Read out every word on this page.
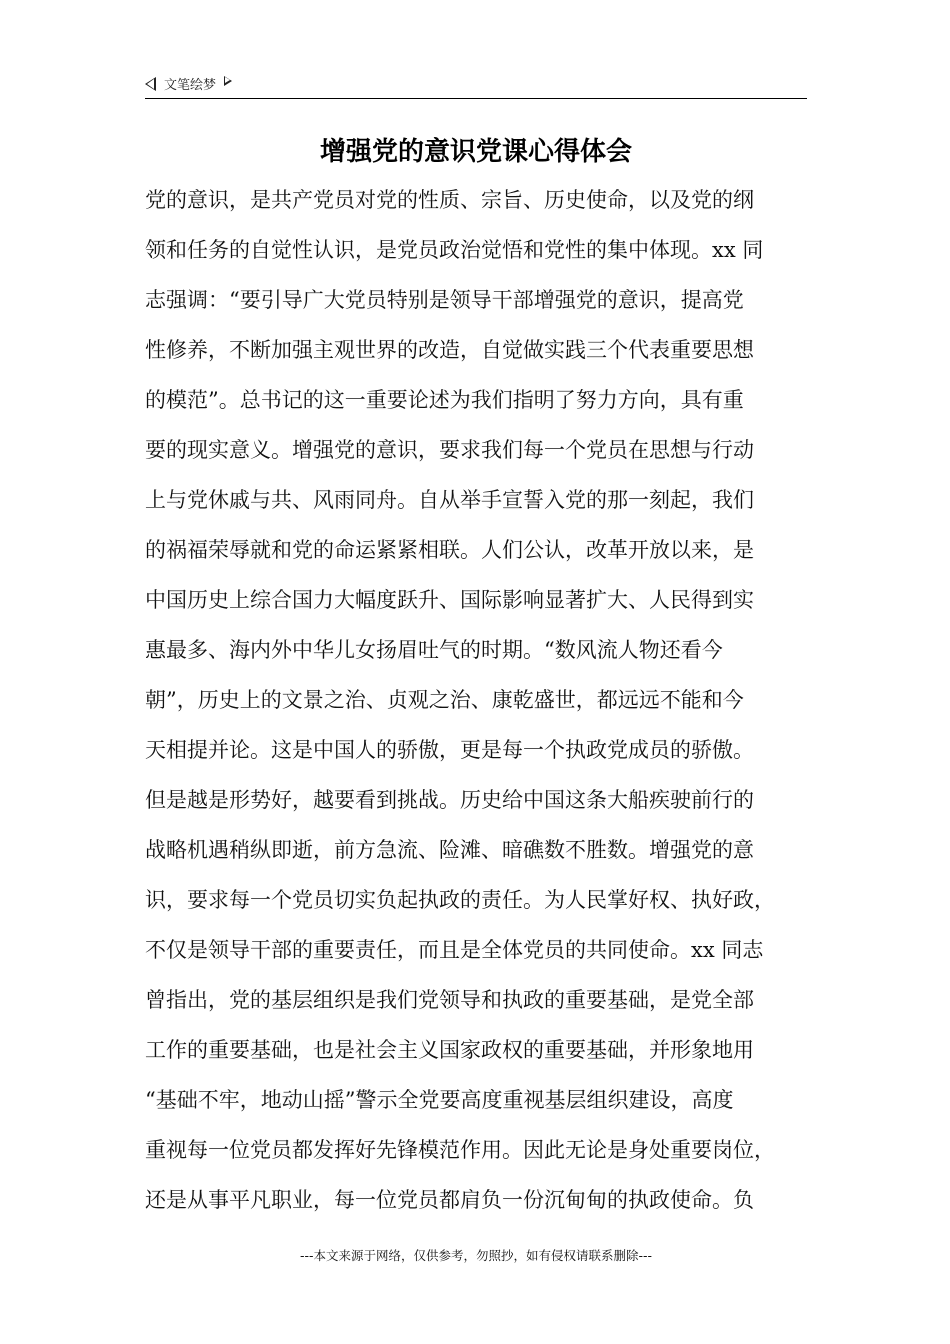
文笔绘梦
增强党的意识党课心得体会
党的意识，是共产党员对党的性质、宗旨、历史使命，以及党的纲
领和任务的自觉性认识，是党员政治觉悟和党性的集中体现。xx 同
志强调：“要引导广大党员特别是领导干部增强党的意识，提高党
性修养，不断加强主观世界的改造，自觉做实践三个代表重要思想
的模范”。总书记的这一重要论述为我们指明了努力方向，具有重
要的现实意义。增强党的意识，要求我们每一个党员在思想与行动
上与党休戚与共、风雨同舟。自从举手宣誓入党的那一刻起，我们
的祸福荣辱就和党的命运紧紧相联。人们公认，改革开放以来，是
中国历史上综合国力大幅度跃升、国际影响显著扩大、人民得到实
惠最多、海内外中华儿女扬眉吐气的时期。“数风流人物还看今
朝”，历史上的文景之治、贞观之治、康乾盛世，都远远不能和今
天相提并论。这是中国人的骄傲，更是每一个执政党成员的骄傲。
但是越是形势好，越要看到挑战。历史给中国这条大船疾驶前行的
战略机遇稍纵即逝，前方急流、险滩、暗礁数不胜数。增强党的意
识，要求每一个党员切实负起执政的责任。为人民掌好权、执好政，
不仅是领导干部的重要责任，而且是全体党员的共同使命。xx 同志
曾指出，党的基层组织是我们党领导和执政的重要基础，是党全部
工作的重要基础，也是社会主义国家政权的重要基础，并形象地用
“基础不牢，地动山摇”警示全党要高度重视基层组织建设，高度
重视每一位党员都发挥好先锋模范作用。因此无论是身处重要岗位，
还是从事平凡职业，每一位党员都肩负一份沉甸甸的执政使命。负
---本文来源于网络，仅供参考，勿照抄，如有侵权请联系删除---
